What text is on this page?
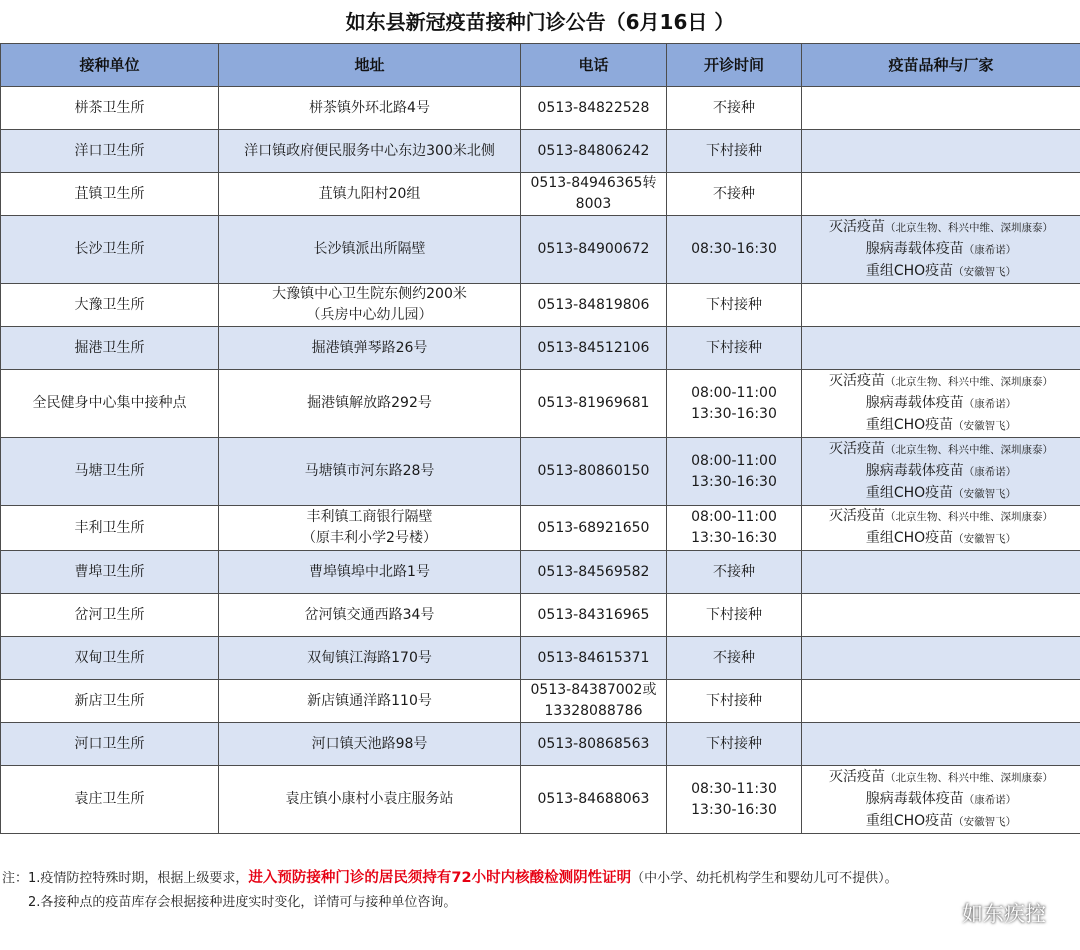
如东县新冠疫苗接种门诊公告（6月16日 ）
接种单位	地址	电话	开诊时间	疫苗品种与厂家
栟茶卫生所	栟茶镇外环北路4号	0513-84822528	不接种	

洋口卫生所	洋口镇政府便民服务中心东边300米北侧	0513-84806242	下村接种	

苴镇卫生所	苴镇九阳村20组	0513-84946365转
8003	不接种	

长沙卫生所	长沙镇派出所隔壁	0513-84900672	08:30-16:30	灭活疫苗（北京生物、科兴中维、深圳康泰）
腺病毒载体疫苗（康希诺）
重组CHO疫苗（安徽智飞）

大豫卫生所	大豫镇中心卫生院东侧约200米
（兵房中心幼儿园）	0513-84819806	下村接种	

掘港卫生所	掘港镇弹琴路26号	0513-84512106	下村接种	

全民健身中心集中接种点	掘港镇解放路292号	0513-81969681	08:00-11:00
13:30-16:30	灭活疫苗（北京生物、科兴中维、深圳康泰）
腺病毒载体疫苗（康希诺）
重组CHO疫苗（安徽智飞）

马塘卫生所	马塘镇市河东路28号	0513-80860150	08:00-11:00
13:30-16:30	灭活疫苗（北京生物、科兴中维、深圳康泰）
腺病毒载体疫苗（康希诺）
重组CHO疫苗（安徽智飞）

丰利卫生所	丰利镇工商银行隔壁
（原丰利小学2号楼）	0513-68921650	08:00-11:00
13:30-16:30	灭活疫苗（北京生物、科兴中维、深圳康泰）
重组CHO疫苗（安徽智飞）

曹埠卫生所	曹埠镇埠中北路1号	0513-84569582	不接种	

岔河卫生所	岔河镇交通西路34号	0513-84316965	下村接种	

双甸卫生所	双甸镇江海路170号	0513-84615371	不接种	

新店卫生所	新店镇通洋路110号	0513-84387002或
13328088786	下村接种	

河口卫生所	河口镇天池路98号	0513-80868563	下村接种	

袁庄卫生所	袁庄镇小康村小袁庄服务站	0513-84688063	08:30-11:30
13:30-16:30	灭活疫苗（北京生物、科兴中维、深圳康泰）
腺病毒载体疫苗（康希诺）
重组CHO疫苗（安徽智飞）
注：1.疫情防控特殊时期，根据上级要求，进入预防接种门诊的居民须持有72小时内核酸检测阴性证明（中小学、幼托机构学生和婴幼儿可不提供）。
2.各接种点的疫苗库存会根据接种进度实时变化，详情可与接种单位咨询。	如东疾控
